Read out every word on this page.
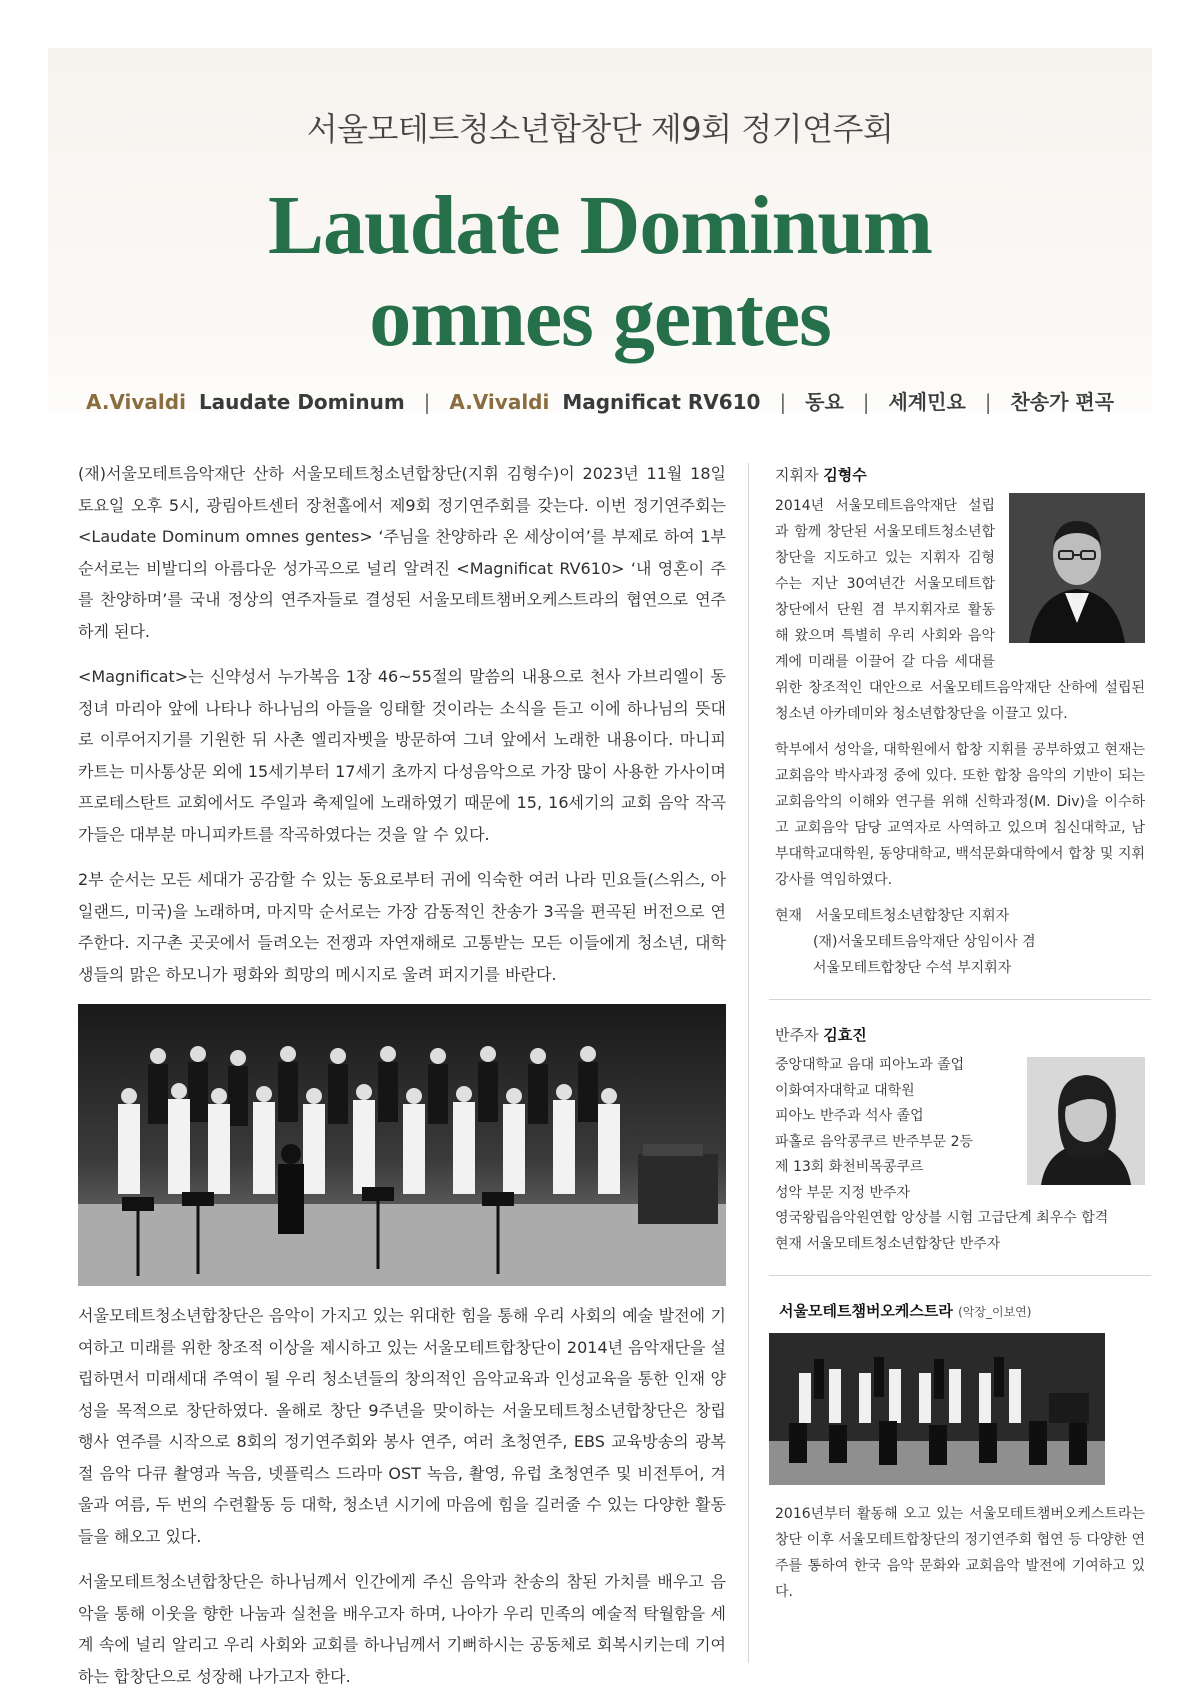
서울모테트청소년합창단 제9회 정기연주회
Laudate Dominum
omnes gentes
A.Vivaldi Laudate Dominum | A.Vivaldi Magnificat RV610 | 동요 | 세계민요 | 찬송가 편곡

(재)서울모테트음악재단 산하 서울모테트청소년합창단(지휘 김형수)이 2023년 11월 18일 토요일 오후 5시, 광림아트센터 장천홀에서 제9회 정기연주회를 갖는다. 이번 정기연주회는 <Laudate Dominum omnes gentes> ‘주님을 찬양하라 온 세상이여’를 부제로 하여 1부 순서로는 비발디의 아름다운 성가곡으로 널리 알려진 <Magnificat RV610> ‘내 영혼이 주를 찬양하며’를 국내 정상의 연주자들로 결성된 서울모테트챔버오케스트라의 협연으로 연주하게 된다.

<Magnificat>는 신약성서 누가복음 1장 46~55절의 말씀의 내용으로 천사 가브리엘이 동정녀 마리아 앞에 나타나 하나님의 아들을 잉태할 것이라는 소식을 듣고 이에 하나님의 뜻대로 이루어지기를 기원한 뒤 사촌 엘리자벳을 방문하여 그녀 앞에서 노래한 내용이다. 마니피카트는 미사통상문 외에 15세기부터 17세기 초까지 다성음악으로 가장 많이 사용한 가사이며 프로테스탄트 교회에서도 주일과 축제일에 노래하였기 때문에 15, 16세기의 교회 음악 작곡가들은 대부분 마니피카트를 작곡하였다는 것을 알 수 있다.

2부 순서는 모든 세대가 공감할 수 있는 동요로부터 귀에 익숙한 여러 나라 민요들(스위스, 아일랜드, 미국)을 노래하며, 마지막 순서로는 가장 감동적인 찬송가 3곡을 편곡된 버전으로 연주한다. 지구촌 곳곳에서 들려오는 전쟁과 자연재해로 고통받는 모든 이들에게 청소년, 대학생들의 맑은 하모니가 평화와 희망의 메시지로 울려 퍼지기를 바란다.

서울모테트청소년합창단은 음악이 가지고 있는 위대한 힘을 통해 우리 사회의 예술 발전에 기여하고 미래를 위한 창조적 이상을 제시하고 있는 서울모테트합창단이 2014년 음악재단을 설립하면서 미래세대 주역이 될 우리 청소년들의 창의적인 음악교육과 인성교육을 통한 인재 양성을 목적으로 창단하였다. 올해로 창단 9주년을 맞이하는 서울모테트청소년합창단은 창립 행사 연주를 시작으로 8회의 정기연주회와 봉사 연주, 여러 초청연주, EBS 교육방송의 광복절 음악 다큐 촬영과 녹음, 넷플릭스 드라마 OST 녹음, 촬영, 유럽 초청연주 및 비전투어, 겨울과 여름, 두 번의 수련활동 등 대학, 청소년 시기에 마음에 힘을 길러줄 수 있는 다양한 활동들을 해오고 있다.

서울모테트청소년합창단은 하나님께서 인간에게 주신 음악과 찬송의 참된 가치를 배우고 음악을 통해 이웃을 향한 나눔과 실천을 배우고자 하며, 나아가 우리 민족의 예술적 탁월함을 세계 속에 널리 알리고 우리 사회와 교회를 하나님께서 기뻐하시는 공동체로 회복시키는데 기여하는 합창단으로 성장해 나가고자 한다.

지휘자 김형수

2014년 서울모테트음악재단 설립과 함께 창단된 서울모테트청소년합창단을 지도하고 있는 지휘자 김형수는 지난 30여년간 서울모테트합창단에서 단원 겸 부지휘자로 활동해 왔으며 특별히 우리 사회와 음악계에 미래를 이끌어 갈 다음 세대를 위한 창조적인 대안으로 서울모테트음악재단 산하에 설립된 청소년 아카데미와 청소년합창단을 이끌고 있다.

학부에서 성악을, 대학원에서 합창 지휘를 공부하였고 현재는 교회음악 박사과정 중에 있다. 또한 합창 음악의 기반이 되는 교회음악의 이해와 연구를 위해 신학과정(M. Div)을 이수하고 교회음악 담당 교역자로 사역하고 있으며 침신대학교, 남부대학교대학원, 동양대학교, 백석문화대학에서 합창 및 지휘 강사를 역임하였다.

현재 서울모테트청소년합창단 지휘자
(재)서울모테트음악재단 상임이사 겸
서울모테트합창단 수석 부지휘자
반주자 김효진
중앙대학교 음대 피아노과 졸업
이화여자대학교 대학원
피아노 반주과 석사 졸업
파홀로 음악콩쿠르 반주부문 2등
제 13회 화천비목콩쿠르
성악 부문 지정 반주자
영국왕립음악원연합 앙상블 시험 고급단계 최우수 합격
현재 서울모테트청소년합창단 반주자
서울모테트챔버오케스트라 (악장_이보연)
2016년부터 활동해 오고 있는 서울모테트챔버오케스트라는 창단 이후 서울모테트합창단의 정기연주회 협연 등 다양한 연주를 통하여 한국 음악 문화와 교회음악 발전에 기여하고 있다.
